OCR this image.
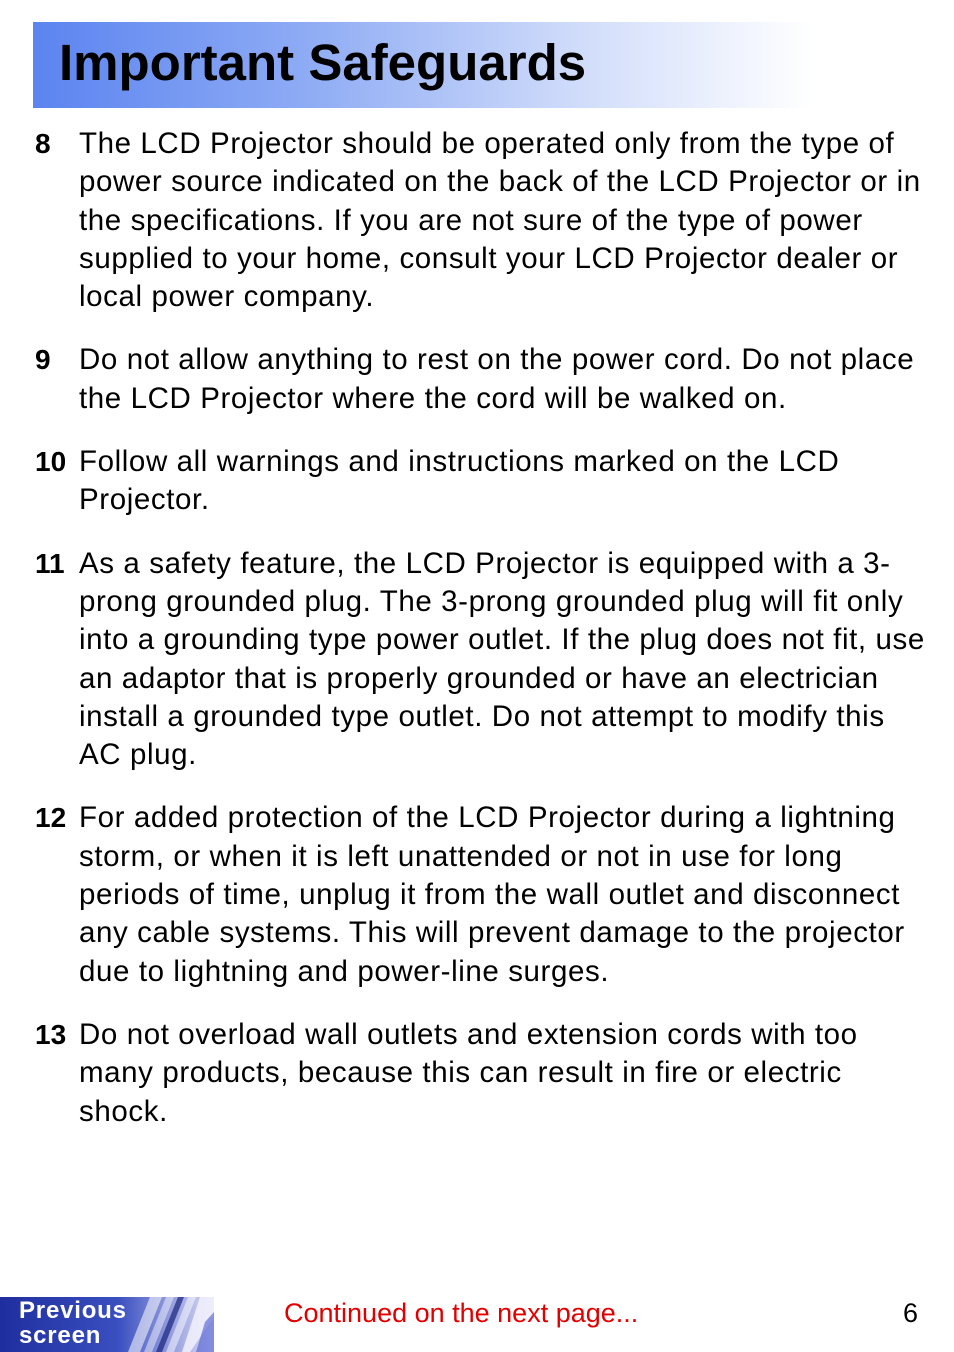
Important Safeguards
8 The LCD Projector should be operated only from the type of power source indicated on the back of the LCD Projector or in the specifications. If you are not sure of the type of power supplied to your home, consult your LCD Projector dealer or local power company.
9 Do not allow anything to rest on the power cord. Do not place the LCD Projector where the cord will be walked on.
10 Follow all warnings and instructions marked on the LCD Projector.
11 As a safety feature, the LCD Projector is equipped with a 3-prong grounded plug. The 3-prong grounded plug will fit only into a grounding type power outlet. If the plug does not fit, use an adaptor that is properly grounded or have an electrician install a grounded type outlet. Do not attempt to modify this AC plug.
12 For added protection of the LCD Projector during a lightning storm, or when it is left unattended or not in use for long periods of time, unplug it from the wall outlet and disconnect any cable systems. This will prevent damage to the projector due to lightning and power-line surges.
13 Do not overload wall outlets and extension cords with too many products, because this can result in fire or electric shock.
Previous
screen
Continued on the next page...	6
